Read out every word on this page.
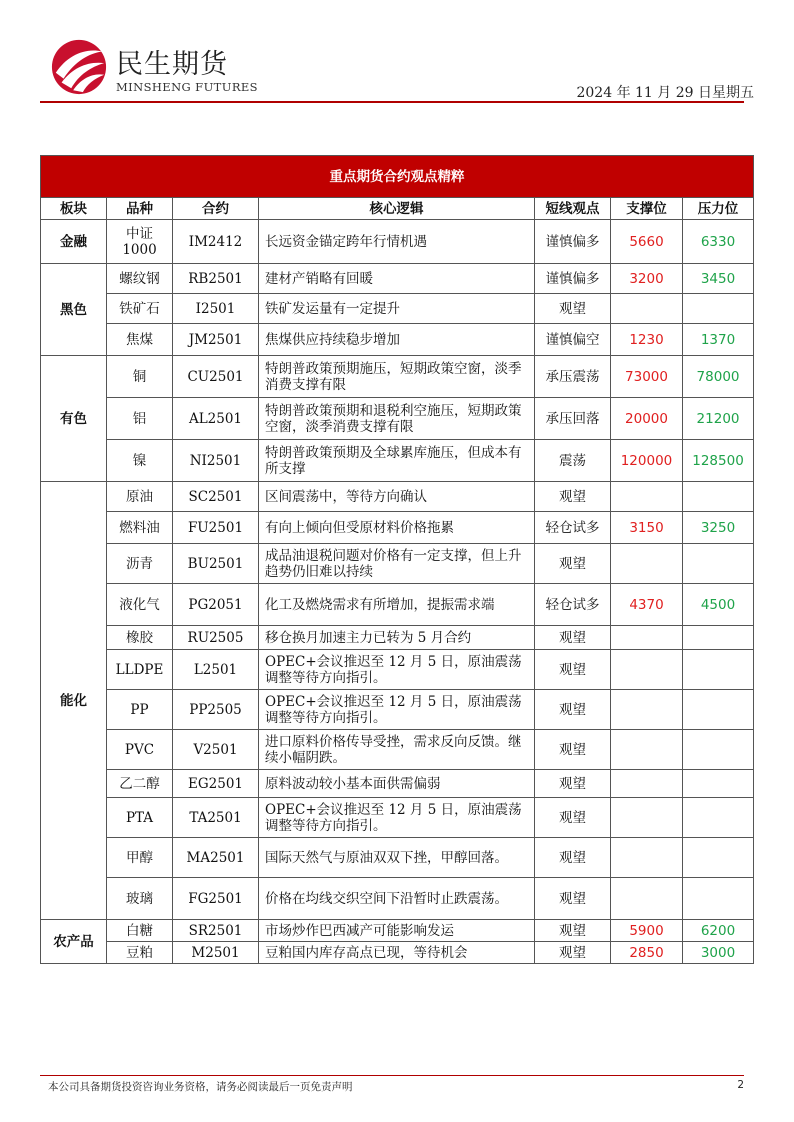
民生期货
MINSHENG FUTURES	2024 年 11 月 29 日星期五
重点期货合约观点精粹						
板块	品种	合约	核心逻辑	短线观点	支撑位	压力位
金融	中证 1000	IM2412	长远资金锚定跨年行情机遇	谨慎偏多	5660	6330
黑色	螺纹钢	RB2501	建材产销略有回暖	谨慎偏多	3200	3450
	铁矿石	I2501	铁矿发运量有一定提升	观望		
	焦煤	JM2501	焦煤供应持续稳步增加	谨慎偏空	1230	1370
有色	铜	CU2501	特朗普政策预期施压，短期政策空窗，淡季消费支撑有限	承压震荡	73000	78000
	铝	AL2501	特朗普政策预期和退税利空施压，短期政策空窗，淡季消费支撑有限	承压回落	20000	21200
	镍	NI2501	特朗普政策预期及全球累库施压，但成本有所支撑	震荡	120000	128500
能化	原油	SC2501	区间震荡中，等待方向确认	观望		
	燃料油	FU2501	有向上倾向但受原材料价格拖累	轻仓试多	3150	3250
	沥青	BU2501	成品油退税问题对价格有一定支撑，但上升趋势仍旧难以持续	观望		
	液化气	PG2051	化工及燃烧需求有所增加，提振需求端	轻仓试多	4370	4500
	橡胶	RU2505	移仓换月加速主力已转为 5 月合约	观望		
	LLDPE	L2501	OPEC+会议推迟至 12 月 5 日，原油震荡调整等待方向指引。	观望		
	PP	PP2505	OPEC+会议推迟至 12 月 5 日，原油震荡调整等待方向指引。	观望		
	PVC	V2501	进口原料价格传导受挫，需求反向反馈。继续小幅阴跌。	观望		
	乙二醇	EG2501	原料波动较小基本面供需偏弱	观望		
	PTA	TA2501	OPEC+会议推迟至 12 月 5 日，原油震荡调整等待方向指引。	观望		
	甲醇	MA2501	国际天然气与原油双双下挫，甲醇回落。	观望		
	玻璃	FG2501	价格在均线交织空间下沿暂时止跌震荡。	观望		
农产品	白糖	SR2501	市场炒作巴西减产可能影响发运	观望	5900	6200
	豆粕	M2501	豆粕国内库存高点已现，等待机会	观望	2850	3000
本公司具备期货投资咨询业务资格，请务必阅读最后一页免责声明	2
